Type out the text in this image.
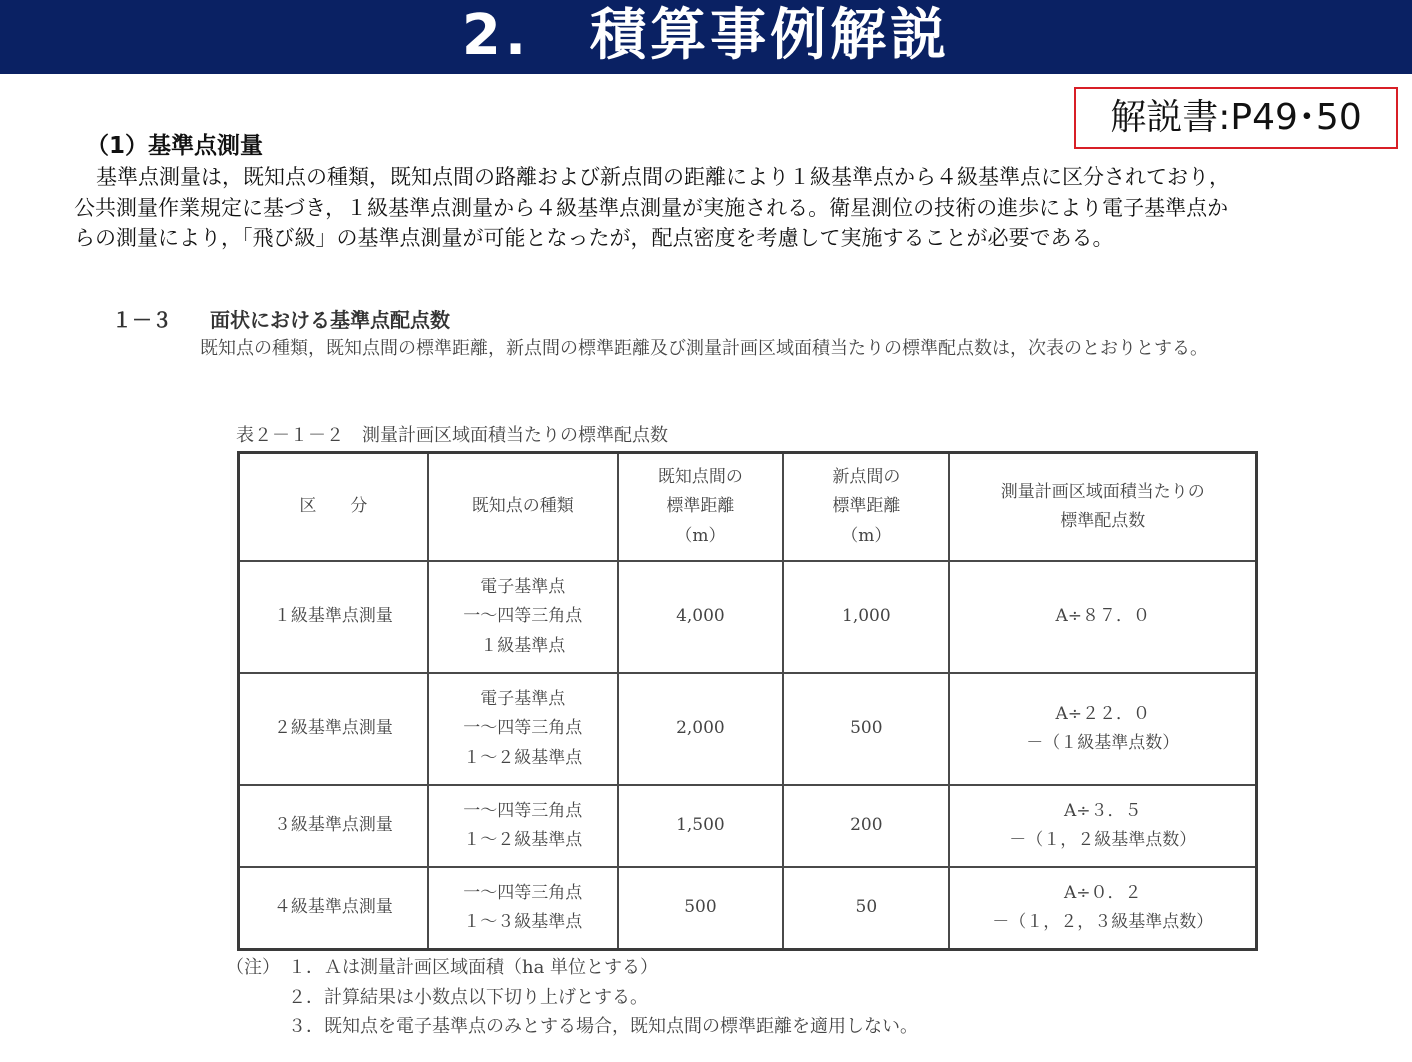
2.　積算事例解説
解説書:P49･50
（1）基準点測量

基準点測量は，既知点の種類，既知点間の路離および新点間の距離により１級基準点から４級基準点に区分されており，公共測量作業規定に基づき，１級基準点測量から４級基準点測量が実施される。衛星測位の技術の進歩により電子基準点からの測量により，「飛び級」の基準点測量が可能となったが，配点密度を考慮して実施することが必要である。

１－３ 面状における基準点配点数

既知点の種類，既知点間の標準距離，新点間の標準距離及び測量計画区域面積当たりの標準配点数は，次表のとおりとする。

表２－１－２　測量計画区域面積当たりの標準配点数
区　　分	既知点の種類	既知点間の
標準距離
（m）	新点間の
標準距離
（m）	測量計画区域面積当たりの
標準配点数

１級基準点測量	電子基準点
一～四等三角点
１級基準点	4,000	1,000	A÷８７．０

２級基準点測量	電子基準点
一～四等三角点
１～２級基準点	2,000	500	A÷２２．０
－（１級基準点数）

３級基準点測量	一～四等三角点
１～２級基準点	1,500	200	A÷３．５
－（１，２級基準点数）

４級基準点測量	一～四等三角点
１～３級基準点	500	50	A÷０．２
－（１，２，３級基準点数）
（注） １．Ａは測量計画区域面積（ha 単位とする）
２．計算結果は小数点以下切り上げとする。
３．既知点を電子基準点のみとする場合，既知点間の標準距離を適用しない。
